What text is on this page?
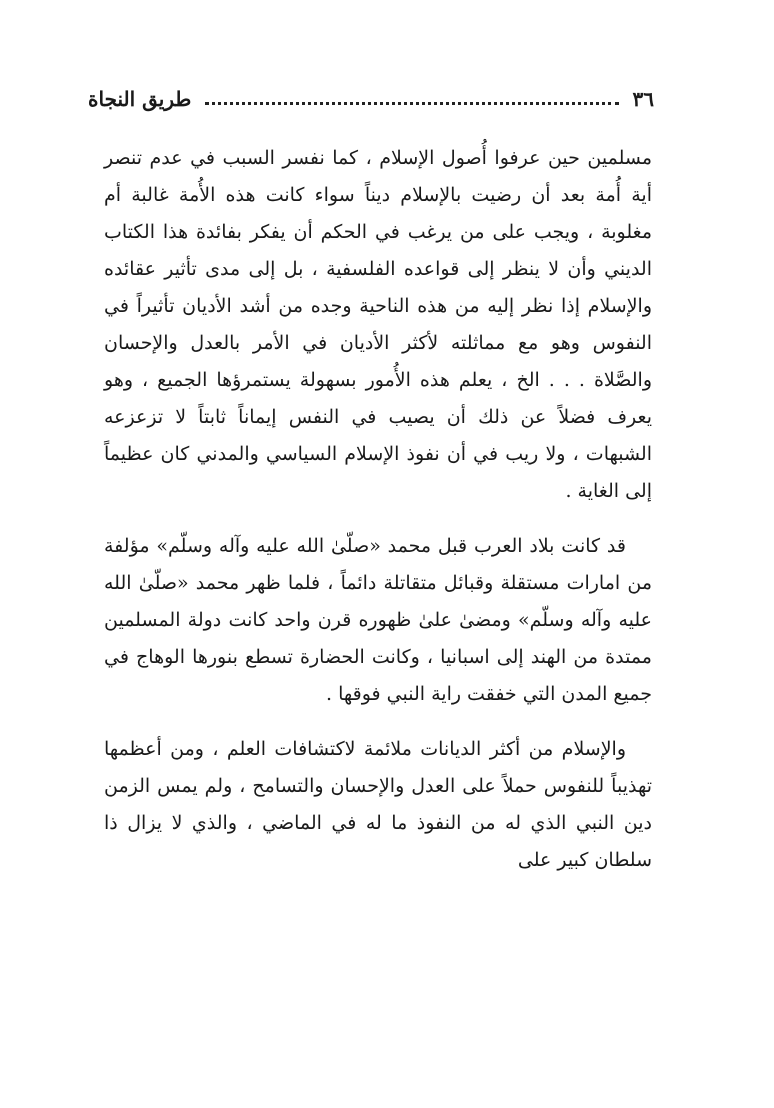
٣٦
طريق النجاة

مسلمين حين عرفوا أُصول الإسلام ، كما نفسر السبب في عدم تنصر أية أُمة بعد أن رضيت بالإسلام ديناً سواء كانت هذه الأُمة غالبة أم مغلوبة ، ويجب على من يرغب في الحكم أن يفكر بفائدة هذا الكتاب الديني وأن لا ينظر إلى قواعده الفلسفية ، بل إلى مدى تأثير عقائده والإسلام إذا نظر إليه من هذه الناحية وجده من أشد الأديان تأثيراً في النفوس وهو مع مماثلته لأكثر الأديان في الأمر بالعدل والإحسان والصَّلاة . . . الخ ، يعلم هذه الأُمور بسهولة يستمرؤها الجميع ، وهو يعرف فضلاً عن ذلك أن يصيب في النفس إيماناً ثابتاً لا تزعزعه الشبهات ، ولا ريب في أن نفوذ الإسلام السياسي والمدني كان عظيماً إلى الغاية .

قد كانت بلاد العرب قبل محمد «صلّىٰ الله عليه وآله وسلّم» مؤلفة من امارات مستقلة وقبائل متقاتلة دائماً ، فلما ظهر محمد «صلّىٰ الله عليه وآله وسلّم» ومضىٰ علىٰ ظهوره قرن واحد كانت دولة المسلمين ممتدة من الهند إلى اسبانيا ، وكانت الحضارة تسطع بنورها الوهاج في جميع المدن التي خفقت راية النبي فوقها .

والإسلام من أكثر الديانات ملائمة لاكتشافات العلم ، ومن أعظمها تهذيباً للنفوس حملاً على العدل والإحسان والتسامح ، ولم يمس الزمن دين النبي الذي له من النفوذ ما له في الماضي ، والذي لا يزال ذا سلطان كبير على
